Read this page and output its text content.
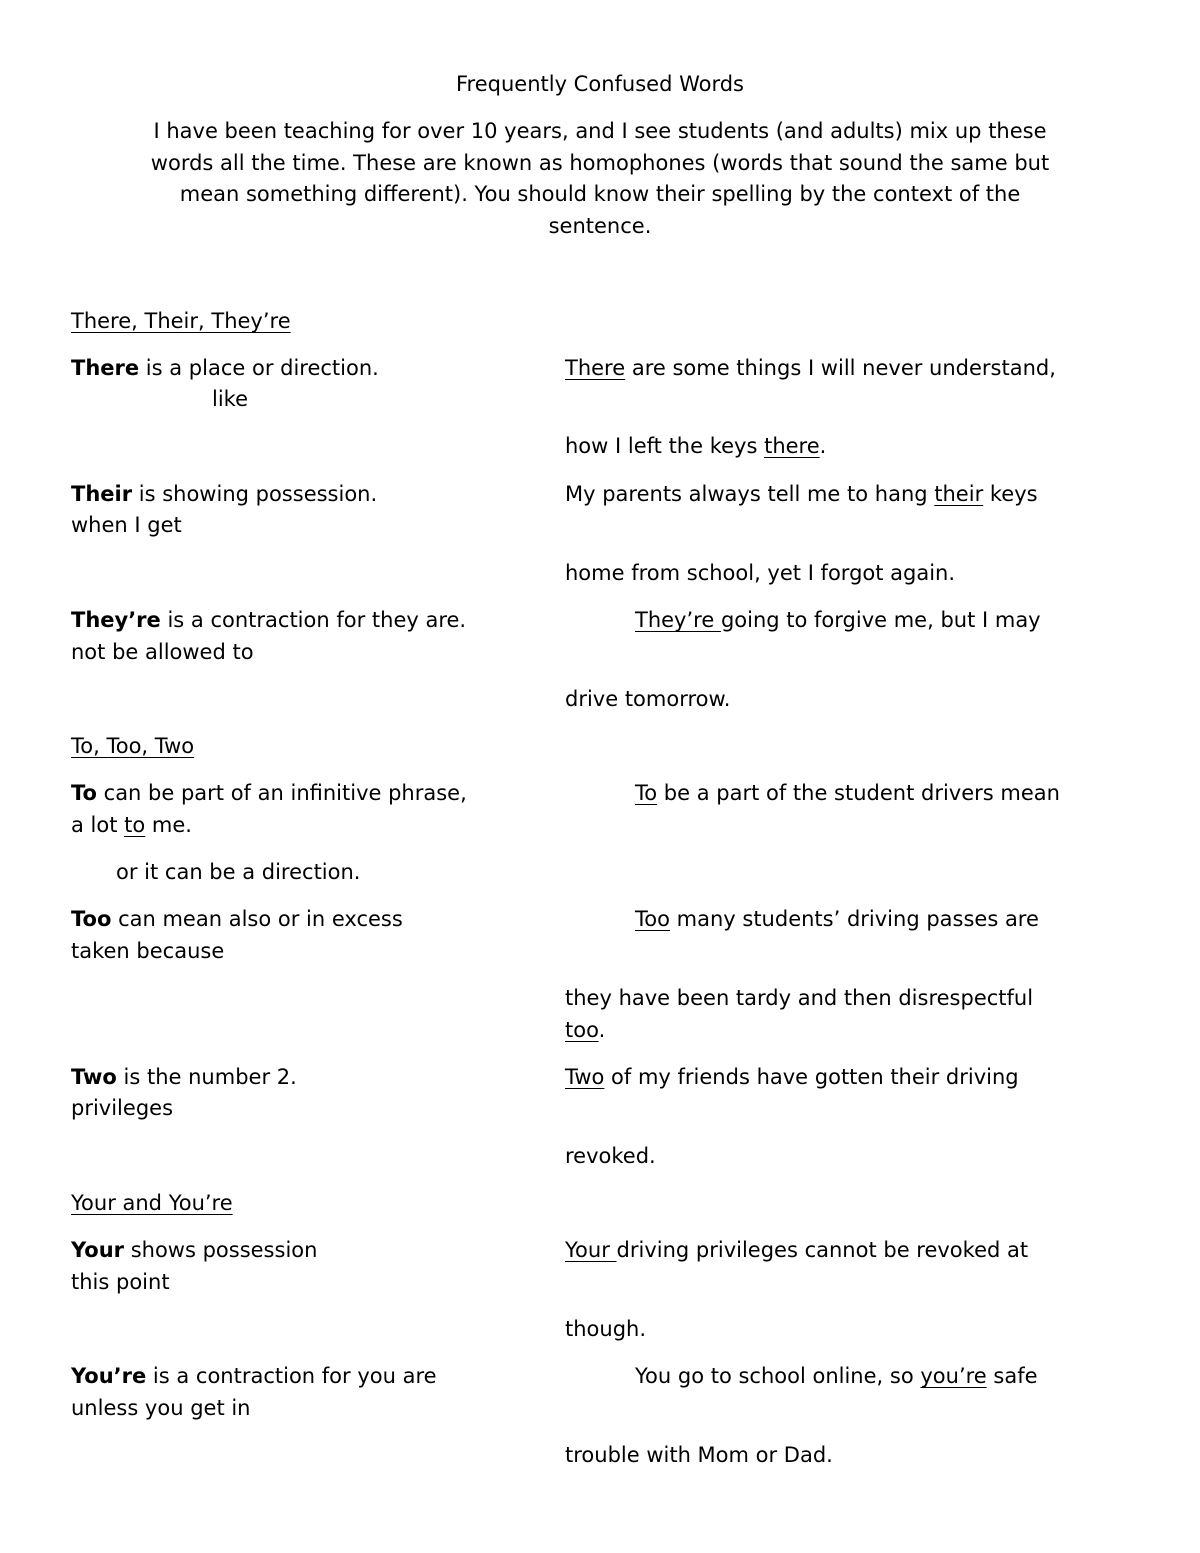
Frequently Confused Words
I have been teaching for over 10 years, and I see students (and adults) mix up these
words all the time. These are known as homophones (words that sound the same but
mean something different). You should know their spelling by the context of the
sentence.
There, Their, They’re
There is a place or direction.
like
There are some things I will never understand,
how I left the keys there.
Their is showing possession.
when I get
My parents always tell me to hang their keys
home from school, yet I forgot again.
They’re is a contraction for they are.
not be allowed to
They’re going to forgive me, but I may
drive tomorrow.
To, Too, Two
To can be part of an infinitive phrase,
a lot to me.
or it can be a direction.
To be a part of the student drivers mean
Too can mean also or in excess
taken because
Too many students’ driving passes are
they have been tardy and then disrespectful
too.
Two is the number 2.
privileges
Two of my friends have gotten their driving
revoked.
Your and You’re
Your shows possession
this point
Your driving privileges cannot be revoked at
though.
You’re is a contraction for you are
unless you get in
You go to school online, so you’re safe
trouble with Mom or Dad.
